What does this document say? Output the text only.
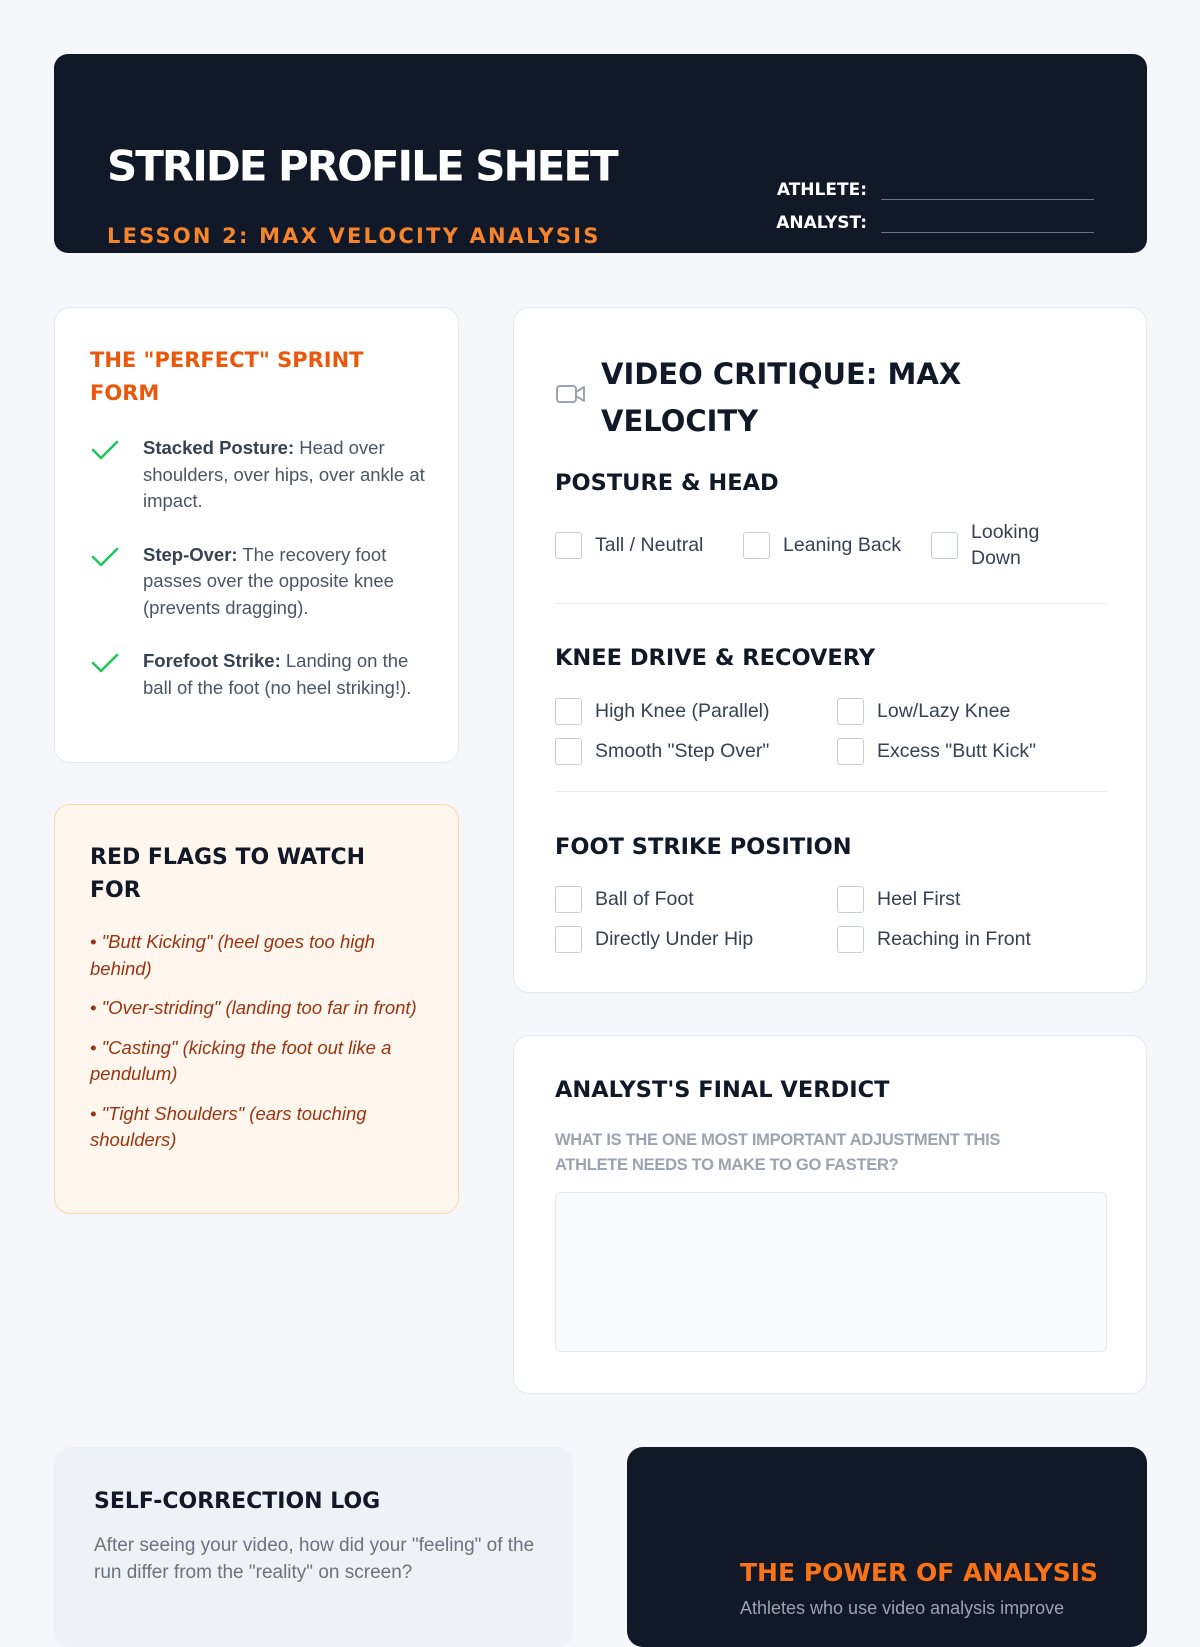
STRIDE PROFILE SHEET
LESSON 2: MAX VELOCITY ANALYSIS
ATHLETE:
ANALYST:
THE "PERFECT" SPRINT FORM
Stacked Posture: Head over shoulders, over hips, over ankle at impact.
Step-Over: The recovery foot passes over the opposite knee (prevents dragging).
Forefoot Strike: Landing on the ball of the foot (no heel striking!).
RED FLAGS TO WATCH FOR
• "Butt Kicking" (heel goes too high behind)
• "Over-striding" (landing too far in front)
• "Casting" (kicking the foot out like a pendulum)
• "Tight Shoulders" (ears touching shoulders)
VIDEO CRITIQUE: MAX VELOCITY
POSTURE & HEAD
Tall / Neutral	Leaning Back
Looking Down
KNEE DRIVE & RECOVERY
High Knee (Parallel)	Low/Lazy Knee
Smooth "Step Over"	Excess "Butt Kick"
FOOT STRIKE POSITION
Ball of Foot	Heel First
Directly Under Hip	Reaching in Front
ANALYST'S FINAL VERDICT
WHAT IS THE ONE MOST IMPORTANT ADJUSTMENT THIS ATHLETE NEEDS TO MAKE TO GO FASTER?
SELF-CORRECTION LOG
After seeing your video, how did your "feeling" of the run differ from the "reality" on screen?	THE POWER OF ANALYSIS
Athletes who use video analysis improve
